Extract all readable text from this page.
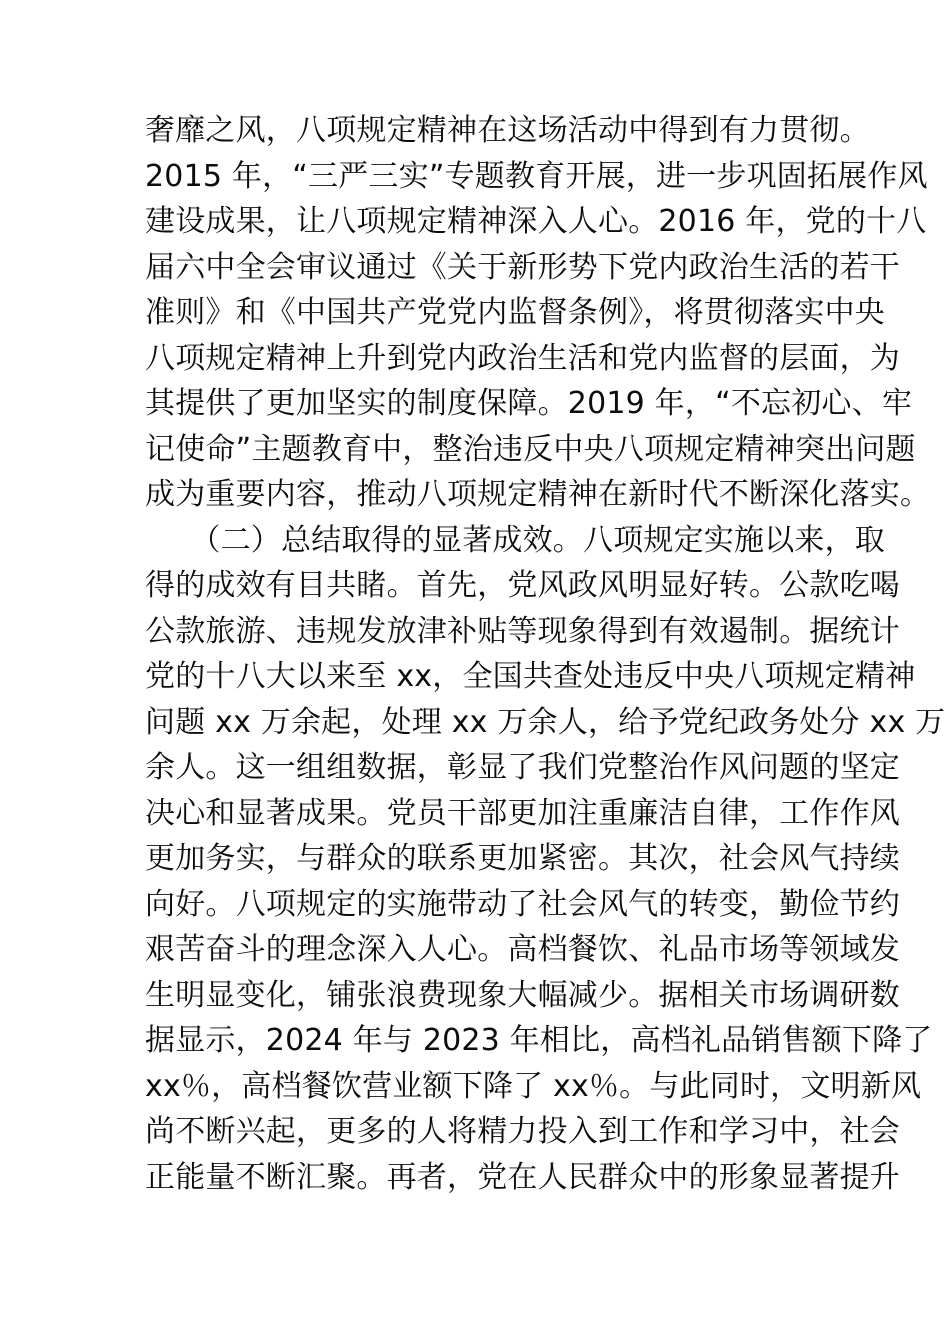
奢靡之风，八项规定精神在这场活动中得到有力贯彻。
2015 年，“三严三实”专题教育开展，进一步巩固拓展作风
建设成果，让八项规定精神深入人心。2016 年，党的十八
届六中全会审议通过《关于新形势下党内政治生活的若干
准则》和《中国共产党党内监督条例》，将贯彻落实中央
八项规定精神上升到党内政治生活和党内监督的层面，为
其提供了更加坚实的制度保障。2019 年，“不忘初心、牢
记使命”主题教育中，整治违反中央八项规定精神突出问题
成为重要内容，推动八项规定精神在新时代不断深化落实。
　　（二）总结取得的显著成效。八项规定实施以来，取
得的成效有目共睹。首先，党风政风明显好转。公款吃喝
公款旅游、违规发放津补贴等现象得到有效遏制。据统计
党的十八大以来至 xx，全国共查处违反中央八项规定精神
问题 xx 万余起，处理 xx 万余人，给予党纪政务处分 xx 万
余人。这一组组数据，彰显了我们党整治作风问题的坚定
决心和显著成果。党员干部更加注重廉洁自律，工作作风
更加务实，与群众的联系更加紧密。其次，社会风气持续
向好。八项规定的实施带动了社会风气的转变，勤俭节约
艰苦奋斗的理念深入人心。高档餐饮、礼品市场等领域发
生明显变化，铺张浪费现象大幅减少。据相关市场调研数
据显示，2024 年与 2023 年相比，高档礼品销售额下降了
xx％，高档餐饮营业额下降了 xx％。与此同时，文明新风
尚不断兴起，更多的人将精力投入到工作和学习中，社会
正能量不断汇聚。再者，党在人民群众中的形象显著提升
